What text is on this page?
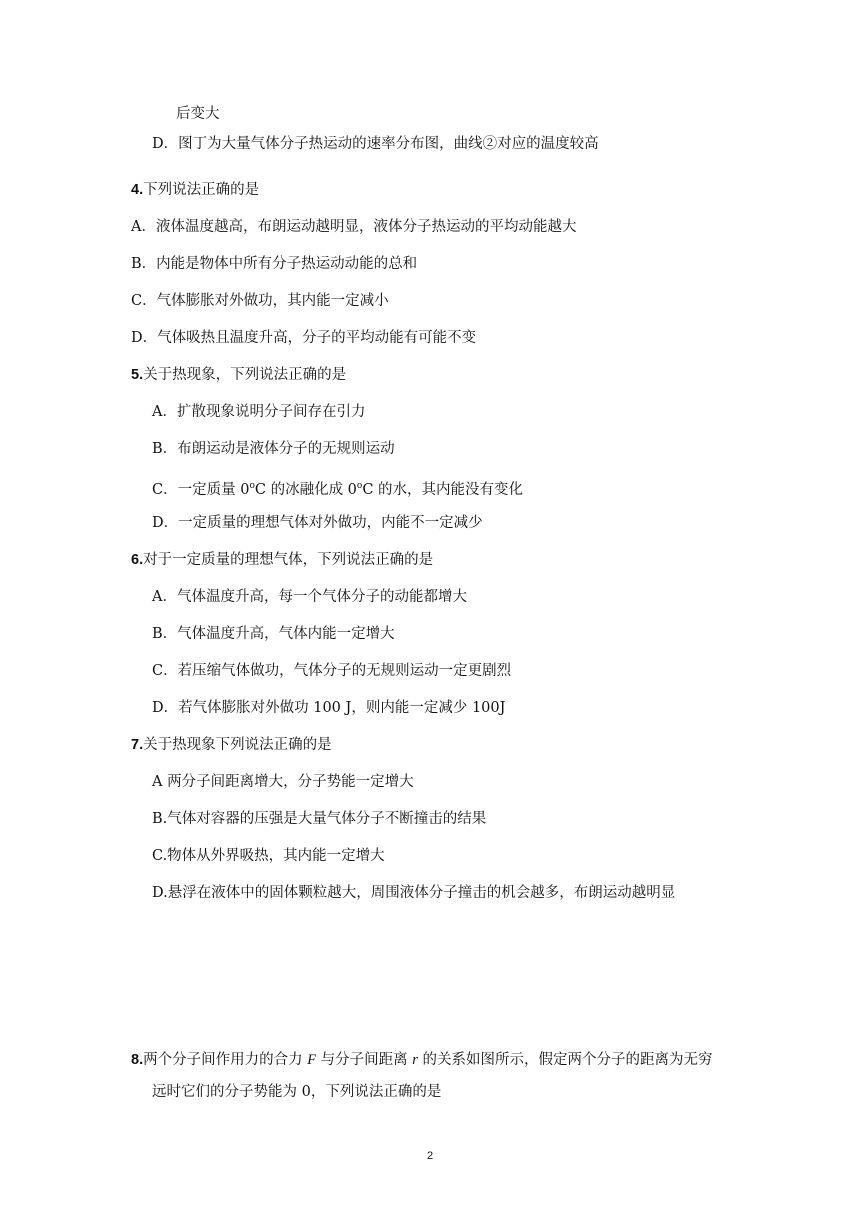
后变大
D．图丁为大量气体分子热运动的速率分布图，曲线②对应的温度较高
4.下列说法正确的是
A．液体温度越高，布朗运动越明显，液体分子热运动的平均动能越大
B．内能是物体中所有分子热运动动能的总和
C．气体膨胀对外做功，其内能一定减小
D．气体吸热且温度升高，分子的平均动能有可能不变
5.关于热现象，下列说法正确的是
A．扩散现象说明分子间存在引力
B．布朗运动是液体分子的无规则运动
C．一定质量 0$^o$C 的冰融化成 0$^o$C 的水，其内能没有变化
D．一定质量的理想气体对外做功，内能不一定减少
6.对于一定质量的理想气体，下列说法正确的是
A．气体温度升高，每一个气体分子的动能都增大
B．气体温度升高，气体内能一定增大
C．若压缩气体做功，气体分子的无规则运动一定更剧烈
D．若气体膨胀对外做功 100 J，则内能一定减少 100J
7.关于热现象下列说法正确的是
A 两分子间距离增大，分子势能一定增大
B.气体对容器的压强是大量气体分子不断撞击的结果
C.物体从外界吸热，其内能一定增大
D.悬浮在液体中的固体颗粒越大，周围液体分子撞击的机会越多，布朗运动越明显
8.两个分子间作用力的合力 F 与分子间距离 r 的关系如图所示，假定两个分子的距离为无穷
远时它们的分子势能为 0，下列说法正确的是
2
